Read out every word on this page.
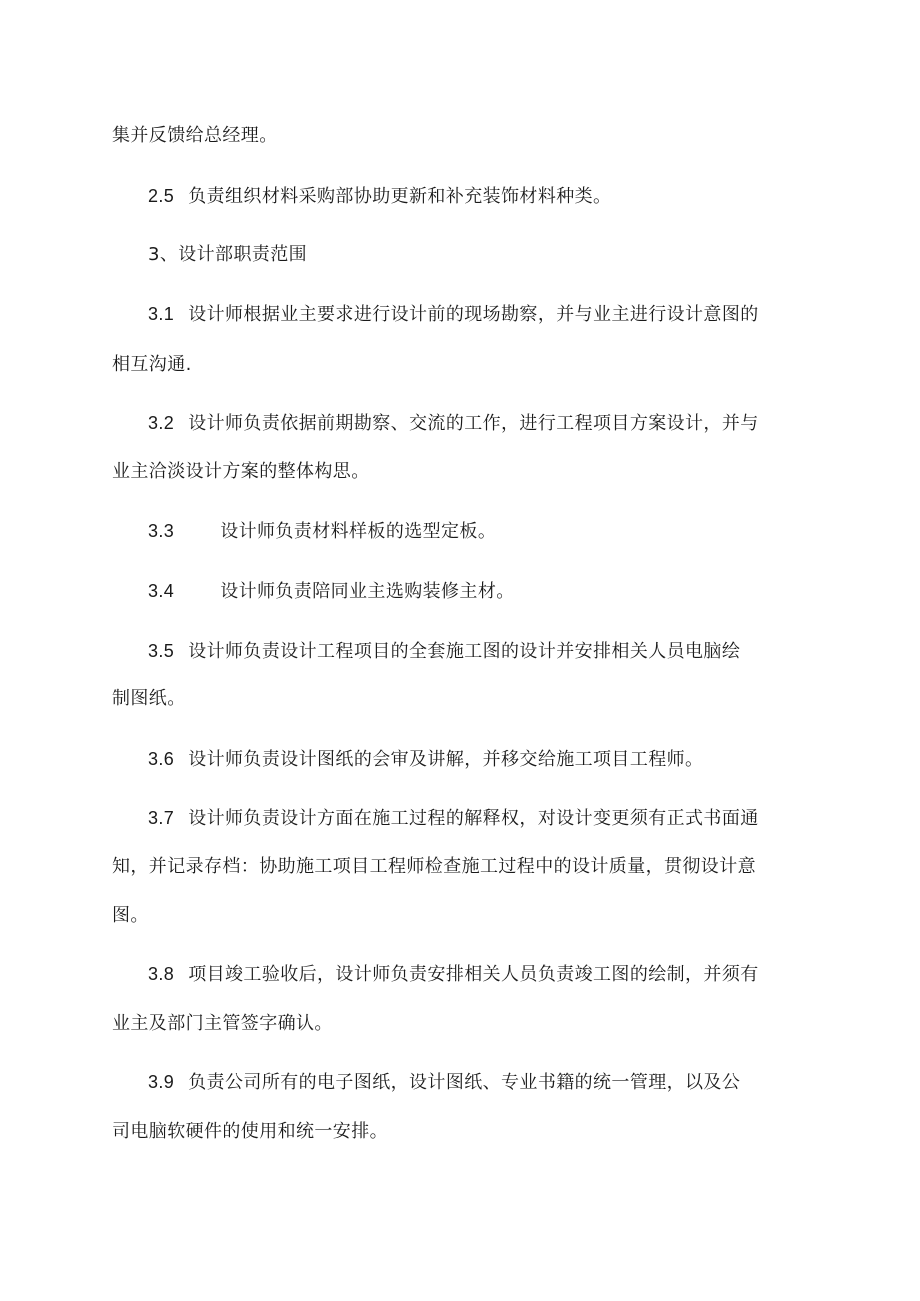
集并反馈给总经理。
2.5 负责组织材料采购部协助更新和补充装饰材料种类。
3、设计部职责范围
3.1 设计师根据业主要求进行设计前的现场勘察，并与业主进行设计意图的
相互沟通.
3.2 设计师负责依据前期勘察、交流的工作，进行工程项目方案设计，并与
业主洽淡设计方案的整体构思。
3.3	设计师负责材料样板的选型定板。
3.4	设计师负责陪同业主选购装修主材。
3.5 设计师负责设计工程项目的全套施工图的设计并安排相关人员电脑绘
制图纸。
3.6 设计师负责设计图纸的会审及讲解，并移交给施工项目工程师。
3.7 设计师负责设计方面在施工过程的解释权，对设计变更须有正式书面通
知，并记录存档：协助施工项目工程师检查施工过程中的设计质量，贯彻设计意
图。
3.8 项目竣工验收后，设计师负责安排相关人员负责竣工图的绘制，并须有
业主及部门主管签字确认。
3.9 负责公司所有的电子图纸，设计图纸、专业书籍的统一管理，以及公
司电脑软硬件的使用和统一安排。
